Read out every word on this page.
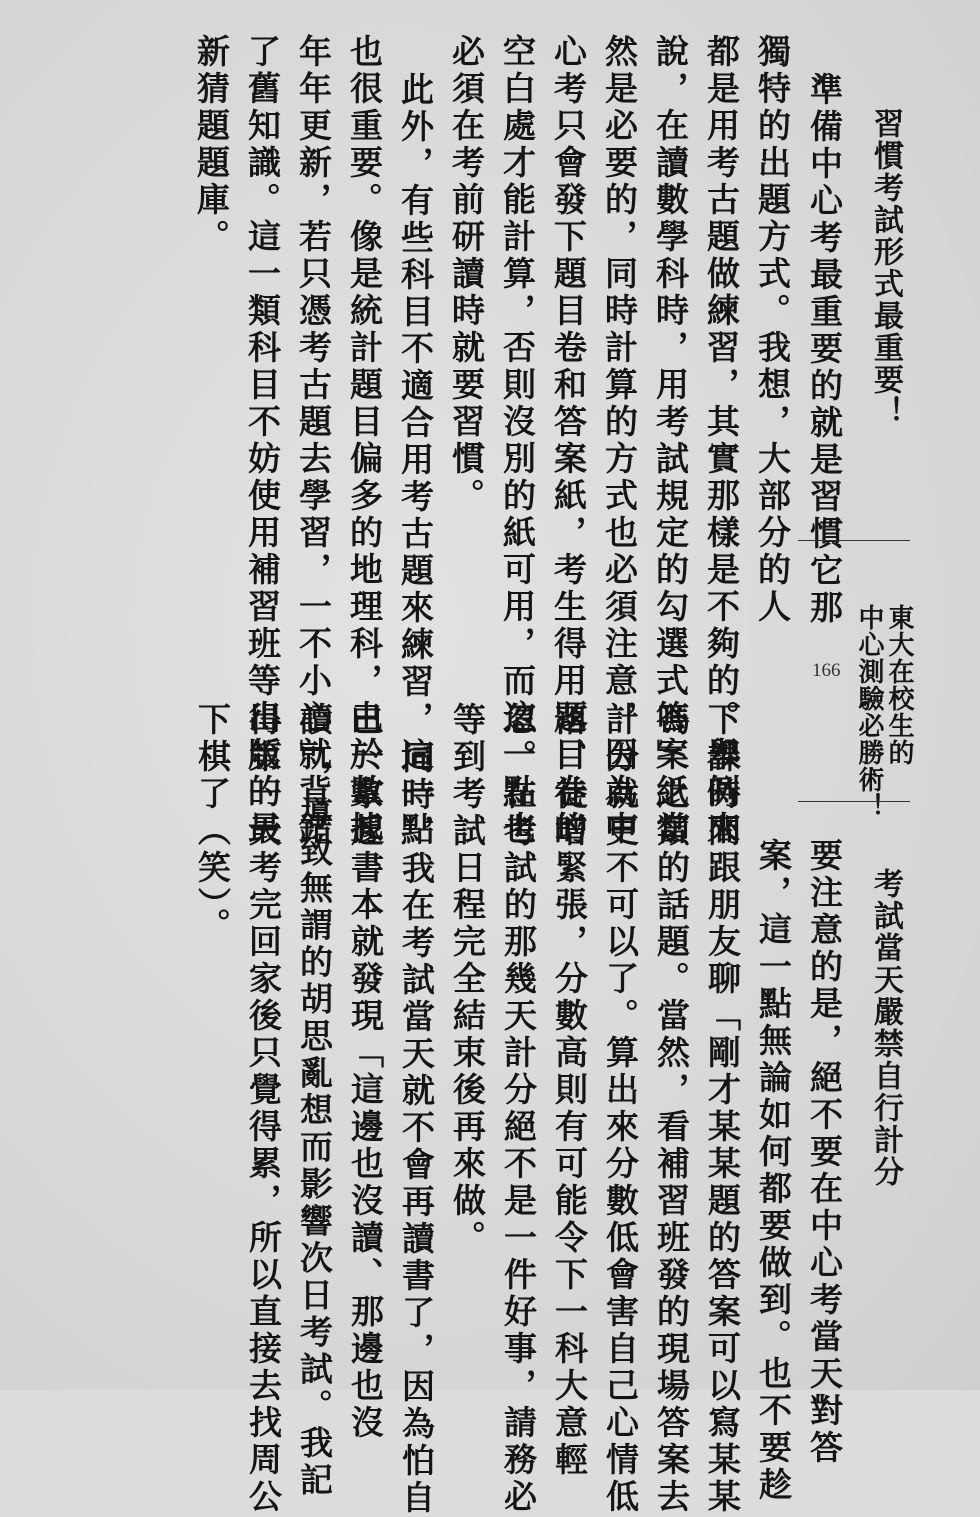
習慣考試形式最重要！
準備中心考最重要的就是習慣它那
獨特的出題方式。我想，大部分的人
都是用考古題做練習，其實那樣是不夠的。舉例來
說，在讀數學科時，用考試規定的勾選式答案紙當
然是必要的，同時計算的方式也必須注意，因為中
心考只會發下題目卷和答案紙，考生得用題目卷的
空白處才能計算，否則沒別的紙可用，而這一點也
必須在考前研讀時就要習慣。
此外，有些科目不適合用考古題來練習，這一點
也很重要。像是統計題目偏多的地理科，由於數據
年年更新，若只憑考古題去學習，一不小心就背錯
了舊知識。這一類科目不妨使用補習班等出版的最
新猜題題庫。
東大在校生的
中心測驗必勝術！
166
考試當天嚴禁自行計分
要注意的是，絕不要在中心考當天對答
案，這一點無論如何都要做到。也不要趁
下課時間跟朋友聊「剛才某某題的答案可以寫某某
嗎」之類的話題。當然，看補習班發的現場答案去
計分就更不可以了。算出來分數低會害自己心情低
落、徒增緊張，分數高則有可能令下一科大意輕
忽。在考試的那幾天計分絕不是一件好事，請務必
等到考試日程完全結束後再來做。
同時，我在考試當天就不會再讀書了，因為怕自
己一拿起書本就發現「這邊也沒讀、那邊也沒
讀」，導致無謂的胡思亂想而影響次日考試。我記
得第一天考完回家後只覺得累，所以直接去找周公
下棋了（笑）。
